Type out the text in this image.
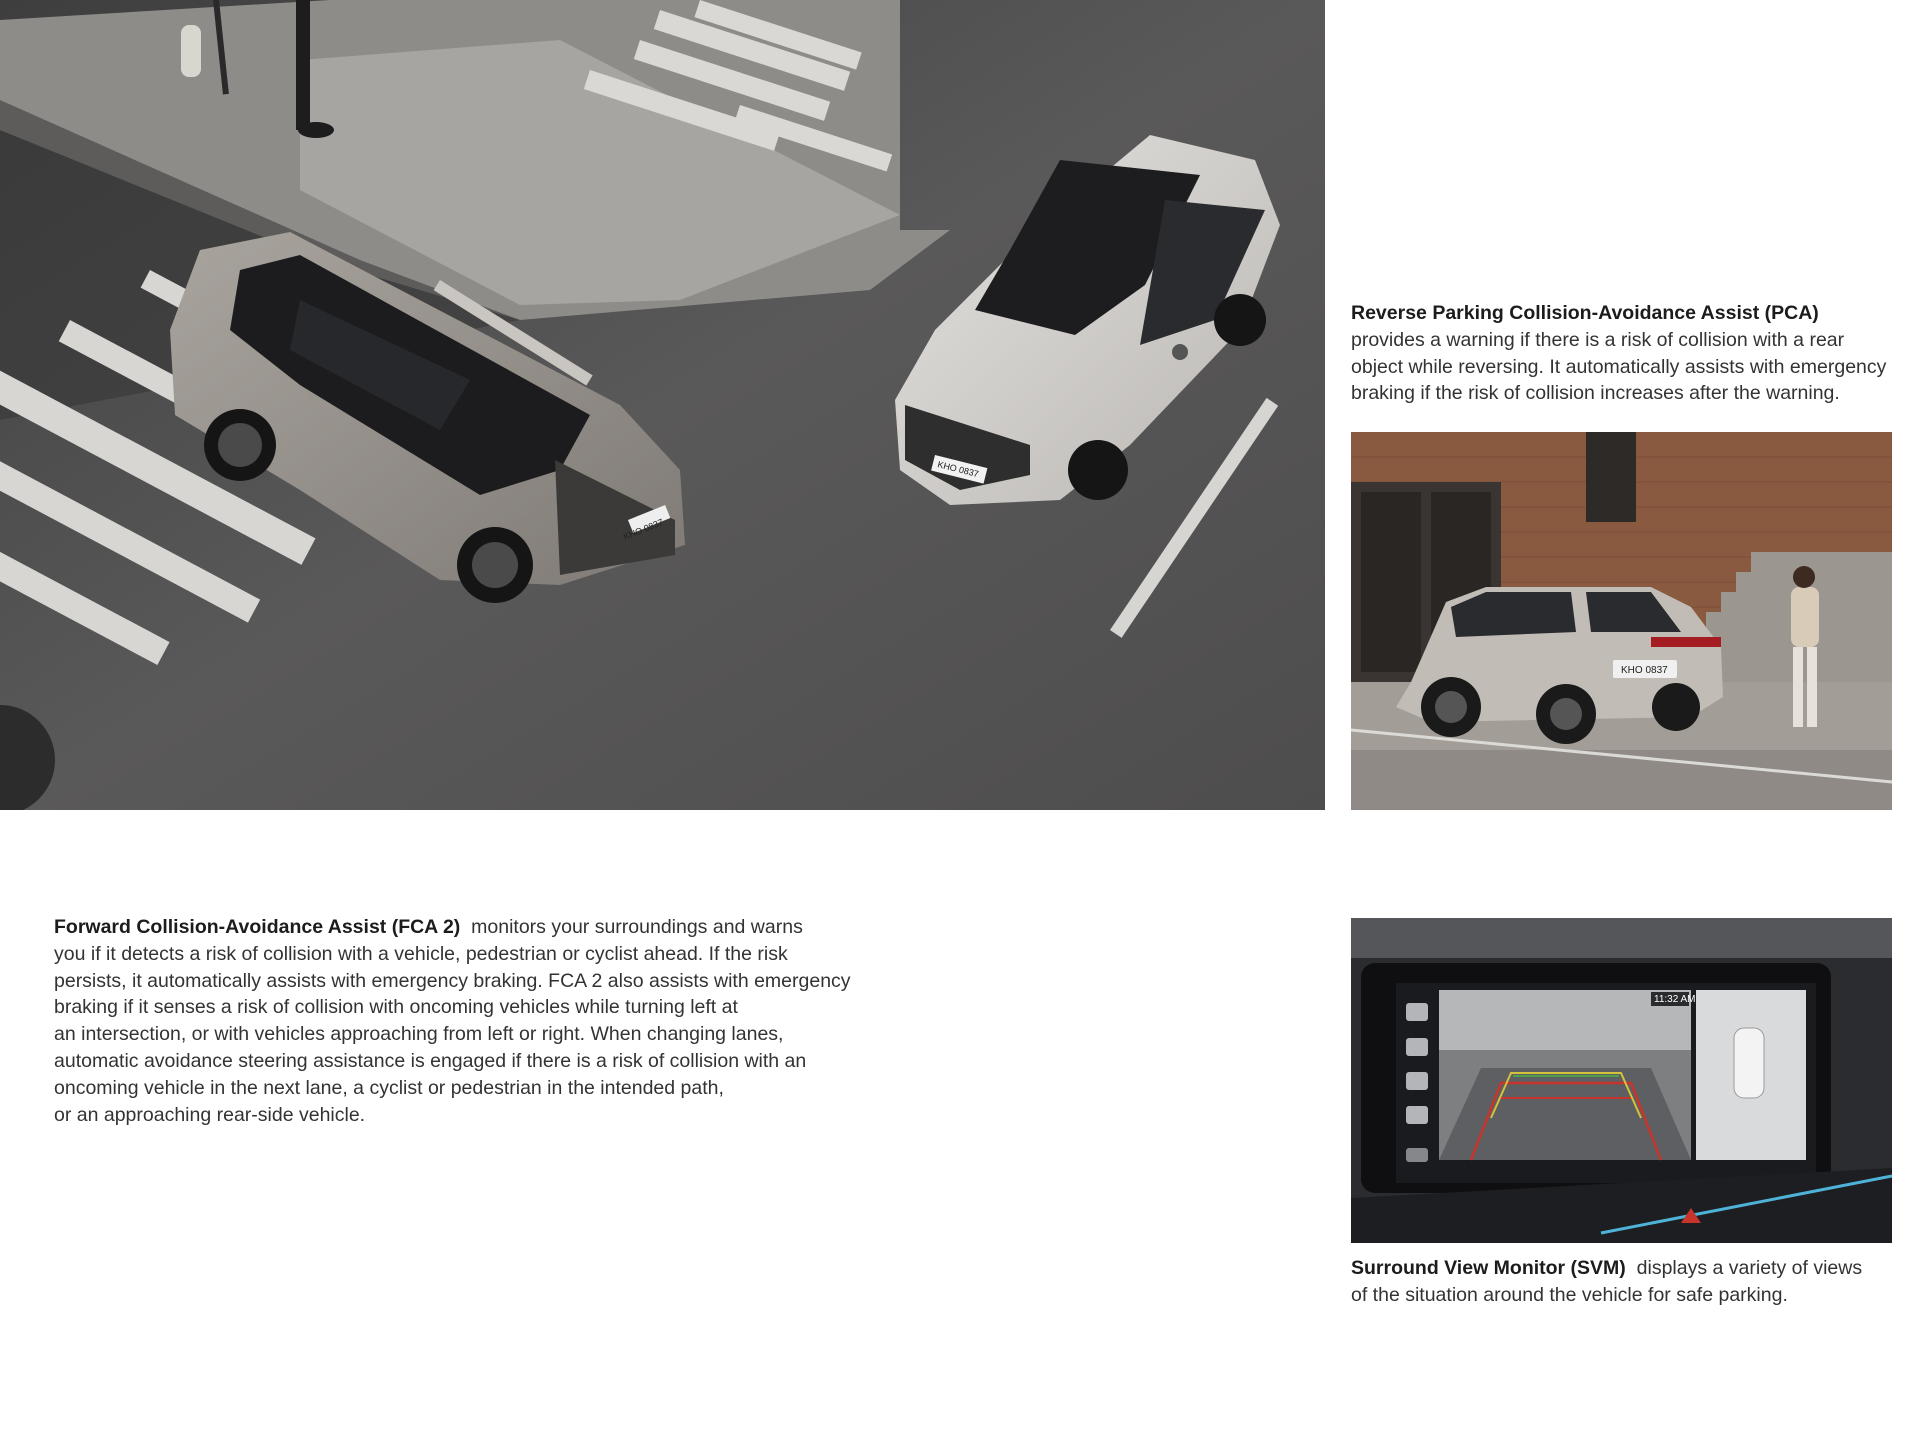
KHO 0837
KHO 0837
Reverse Parking Collision-Avoidance Assist (PCA)
provides a warning if there is a risk of collision with a rear
object while reversing. It automatically assists with emergency
braking if the risk of collision increases after the warning.
KHO 0837
Forward Collision-Avoidance Assist (FCA 2) monitors your surroundings and warns
you if it detects a risk of collision with a vehicle, pedestrian or cyclist ahead. If the risk
persists, it automatically assists with emergency braking. FCA 2 also assists with emergency
braking if it senses a risk of collision with oncoming vehicles while turning left at
an intersection, or with vehicles approaching from left or right. When changing lanes,
automatic avoidance steering assistance is engaged if there is a risk of collision with an
oncoming vehicle in the next lane, a cyclist or pedestrian in the intended path,
or an approaching rear-side vehicle.
11:32 AM
Surround View Monitor (SVM) displays a variety of views
of the situation around the vehicle for safe parking.
